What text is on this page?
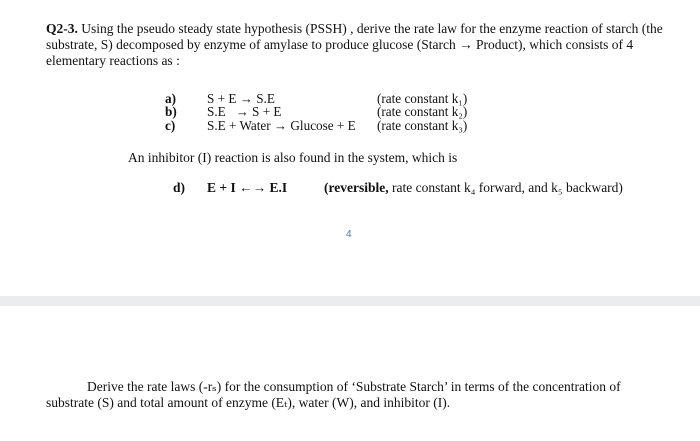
Q2-3. Using the pseudo steady state hypothesis (PSSH) , derive the rate law for the enzyme reaction of starch (the substrate, S) decomposed by enzyme of amylase to produce glucose (Starch → Product), which consists of 4 elementary reactions as :
a) S + E → S.E	(rate constant k₁)
b) S.E   → S + E	(rate constant k₂)
c) S.E + Water → Glucose + E (rate constant k₃)
An inhibitor (I) reaction is also found in the system, which is
d) E + I ←→ E.I	(reversible, rate constant k₄ forward, and k₅ backward)
4
Derive the rate laws (-rₛ) for the consumption of ‘Substrate Starch’ in terms of the concentration of substrate (S) and total amount of enzyme (Eₜ), water (W), and inhibitor (I).
